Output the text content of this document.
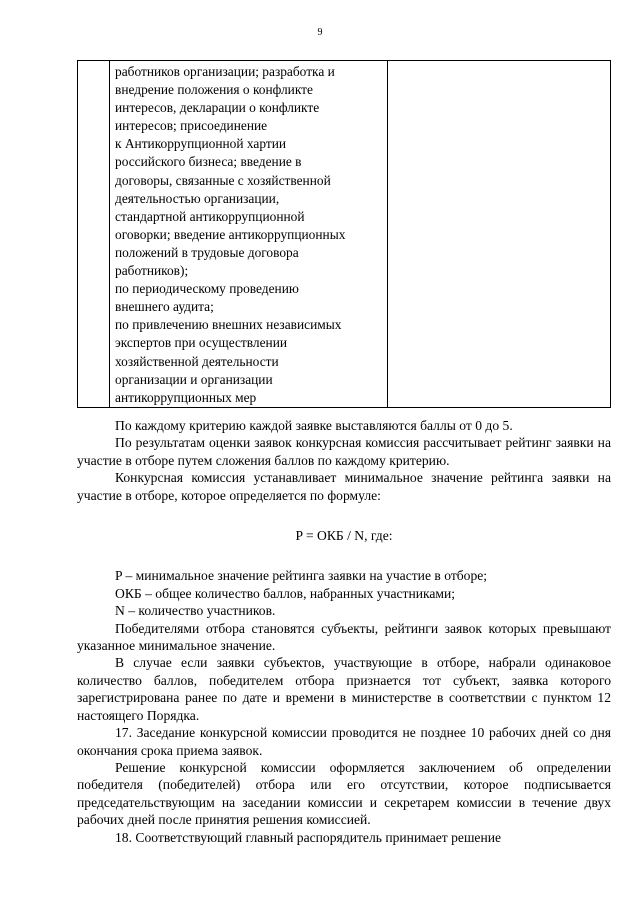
9

работников организации; разработка и
внедрение положения о конфликте
интересов, декларации о конфликте
интересов; присоединение
к Антикоррупционной хартии
российского бизнеса; введение в
договоры, связанные с хозяйственной
деятельностью организации,
стандартной антикоррупционной
оговорки; введение антикоррупционных
положений в трудовые договора
работников);
по периодическому проведению
внешнего аудита;
по привлечению внешних независимых
экспертов при осуществлении
хозяйственной деятельности
организации и организации
антикоррупционных мер

По каждому критерию каждой заявке выставляются баллы от 0 до 5.

По результатам оценки заявок конкурсная комиссия рассчитывает рейтинг заявки на участие в отборе путем сложения баллов по каждому критерию.

Конкурсная комиссия устанавливает минимальное значение рейтинга заявки на участие в отборе, которое определяется по формуле:

P = ОКБ / N, где:

P – минимальное значение рейтинга заявки на участие в отборе;

ОКБ – общее количество баллов, набранных участниками;

N – количество участников.

Победителями отбора становятся субъекты, рейтинги заявок которых превышают указанное минимальное значение.

В случае если заявки субъектов, участвующие в отборе, набрали одинаковое количество баллов, победителем отбора признается тот субъект, заявка которого зарегистрирована ранее по дате и времени в министерстве в соответствии с пунктом 12 настоящего Порядка.

17. Заседание конкурсной комиссии проводится не позднее 10 рабочих дней со дня окончания срока приема заявок.

Решение конкурсной комиссии оформляется заключением об определении победителя (победителей) отбора или его отсутствии, которое подписывается председательствующим на заседании комиссии и секретарем комиссии в течение двух рабочих дней после принятия решения комиссией.

18. Соответствующий главный распорядитель принимает решение
